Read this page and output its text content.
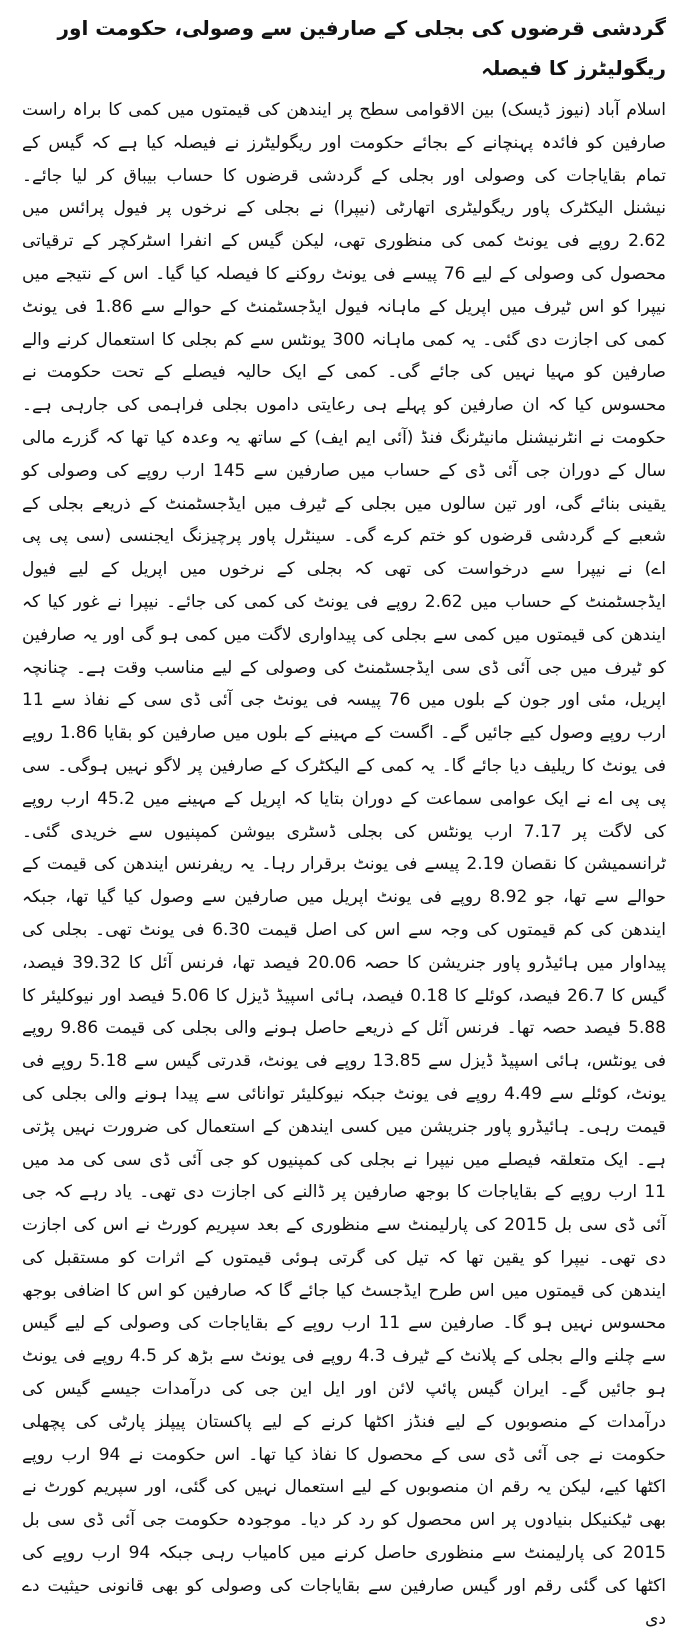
گردشی قرضوں کی بجلی کے صارفین سے وصولی، حکومت اور ریگولیٹرز کا فیصلہ

اسلام آباد (نیوز ڈیسک) بین الاقوامی سطح پر ایندھن کی قیمتوں میں کمی کا براہ راست صارفین کو فائدہ پہنچانے کے بجائے حکومت اور ریگولیٹرز نے فیصلہ کیا ہے کہ گیس کے تمام بقایاجات کی وصولی اور بجلی کے گردشی قرضوں کا حساب بیباق کر لیا جائے۔ نیشنل الیکٹرک پاور ریگولیٹری اتھارٹی (نیپرا) نے بجلی کے نرخوں پر فیول پرائس میں 2.62 روپے فی یونٹ کمی کی منظوری تھی، لیکن گیس کے انفرا اسٹرکچر کے ترقیاتی محصول کی وصولی کے لیے 76 پیسے فی یونٹ روکنے کا فیصلہ کیا گیا۔ اس کے نتیجے میں نیپرا کو اس ٹیرف میں اپریل کے ماہانہ فیول ایڈجسٹمنٹ کے حوالے سے 1.86 فی یونٹ کمی کی اجازت دی گئی۔ یہ کمی ماہانہ 300 یونٹس سے کم بجلی کا استعمال کرنے والے صارفین کو مہیا نہیں کی جائے گی۔ کمی کے ایک حالیہ فیصلے کے تحت حکومت نے محسوس کیا کہ ان صارفین کو پہلے ہی رعایتی داموں بجلی فراہمی کی جارہی ہے۔ حکومت نے انٹرنیشنل مانیٹرنگ فنڈ (آئی ایم ایف) کے ساتھ یہ وعدہ کیا تھا کہ گزرے مالی سال کے دوران جی آئی ڈی کے حساب میں صارفین سے 145 ارب روپے کی وصولی کو یقینی بنائے گی، اور تین سالوں میں بجلی کے ٹیرف میں ایڈجسٹمنٹ کے ذریعے بجلی کے شعبے کے گردشی قرضوں کو ختم کرے گی۔ سینٹرل پاور پرچیزنگ ایجنسی (سی پی پی اے) نے نیپرا سے درخواست کی تھی کہ بجلی کے نرخوں میں اپریل کے لیے فیول ایڈجسٹمنٹ کے حساب میں 2.62 روپے فی یونٹ کی کمی کی جائے۔ نیپرا نے غور کیا کہ ایندھن کی قیمتوں میں کمی سے بجلی کی پیداواری لاگت میں کمی ہو گی اور یہ صارفین کو ٹیرف میں جی آئی ڈی سی ایڈجسٹمنٹ کی وصولی کے لیے مناسب وقت ہے۔ چنانچہ اپریل، مئی اور جون کے بلوں میں 76 پیسہ فی یونٹ جی آئی ڈی سی کے نفاذ سے 11 ارب روپے وصول کیے جائیں گے۔ اگست کے مہینے کے بلوں میں صارفین کو بقایا 1.86 روپے فی یونٹ کا ریلیف دیا جائے گا۔ یہ کمی کے الیکٹرک کے صارفین پر لاگو نہیں ہوگی۔ سی پی پی اے نے ایک عوامی سماعت کے دوران بتایا کہ اپریل کے مہینے میں 45.2 ارب روپے کی لاگت پر 7.17 ارب یونٹس کی بجلی ڈسٹری بیوشن کمپنیوں سے خریدی گئی۔ ٹرانسمیشن کا نقصان 2.19 پیسے فی یونٹ برقرار رہا۔ یہ ریفرنس ایندھن کی قیمت کے حوالے سے تھا، جو 8.92 روپے فی یونٹ اپریل میں صارفین سے وصول کیا گیا تھا، جبکہ ایندھن کی کم قیمتوں کی وجہ سے اس کی اصل قیمت 6.30 فی یونٹ تھی۔ بجلی کی پیداوار میں ہائیڈرو پاور جنریشن کا حصہ 20.06 فیصد تھا، فرنس آئل کا 39.32 فیصد، گیس کا 26.7 فیصد، کوئلے کا 0.18 فیصد، ہائی اسپیڈ ڈیزل کا 5.06 فیصد اور نیوکلیئر کا 5.88 فیصد حصہ تھا۔ فرنس آئل کے ذریعے حاصل ہونے والی بجلی کی قیمت 9.86 روپے فی یونٹس، ہائی اسپیڈ ڈیزل سے 13.85 روپے فی یونٹ، قدرتی گیس سے 5.18 روپے فی یونٹ، کوئلے سے 4.49 روپے فی یونٹ جبکہ نیوکلیئر توانائی سے پیدا ہونے والی بجلی کی قیمت رہی۔ ہائیڈرو پاور جنریشن میں کسی ایندھن کے استعمال کی ضرورت نہیں پڑتی ہے۔ ایک متعلقہ فیصلے میں نیپرا نے بجلی کی کمپنیوں کو جی آئی ڈی سی کی مد میں 11 ارب روپے کے بقایاجات کا بوجھ صارفین پر ڈالنے کی اجازت دی تھی۔ یاد رہے کہ جی آئی ڈی سی بل 2015 کی پارلیمنٹ سے منظوری کے بعد سپریم کورٹ نے اس کی اجازت دی تھی۔ نیپرا کو یقین تھا کہ تیل کی گرتی ہوئی قیمتوں کے اثرات کو مستقبل کی ایندھن کی قیمتوں میں اس طرح ایڈجسٹ کیا جائے گا کہ صارفین کو اس کا اضافی بوجھ محسوس نہیں ہو گا۔ صارفین سے 11 ارب روپے کے بقایاجات کی وصولی کے لیے گیس سے چلنے والے بجلی کے پلانٹ کے ٹیرف 4.3 روپے فی یونٹ سے بڑھ کر 4.5 روپے فی یونٹ ہو جائیں گے۔ ایران گیس پائپ لائن اور ایل این جی کی درآمدات جیسے گیس کی درآمدات کے منصوبوں کے لیے فنڈز اکٹھا کرنے کے لیے پاکستان پیپلز پارٹی کی پچھلی حکومت نے جی آئی ڈی سی کے محصول کا نفاذ کیا تھا۔ اس حکومت نے 94 ارب روپے اکٹھا کیے، لیکن یہ رقم ان منصوبوں کے لیے استعمال نہیں کی گئی، اور سپریم کورٹ نے بھی ٹیکنیکل بنیادوں پر اس محصول کو رد کر دیا۔ موجودہ حکومت جی آئی ڈی سی بل 2015 کی پارلیمنٹ سے منظوری حاصل کرنے میں کامیاب رہی جبکہ 94 ارب روپے کی اکٹھا کی گئی رقم اور گیس صارفین سے بقایاجات کی وصولی کو بھی قانونی حیثیت دے دی
